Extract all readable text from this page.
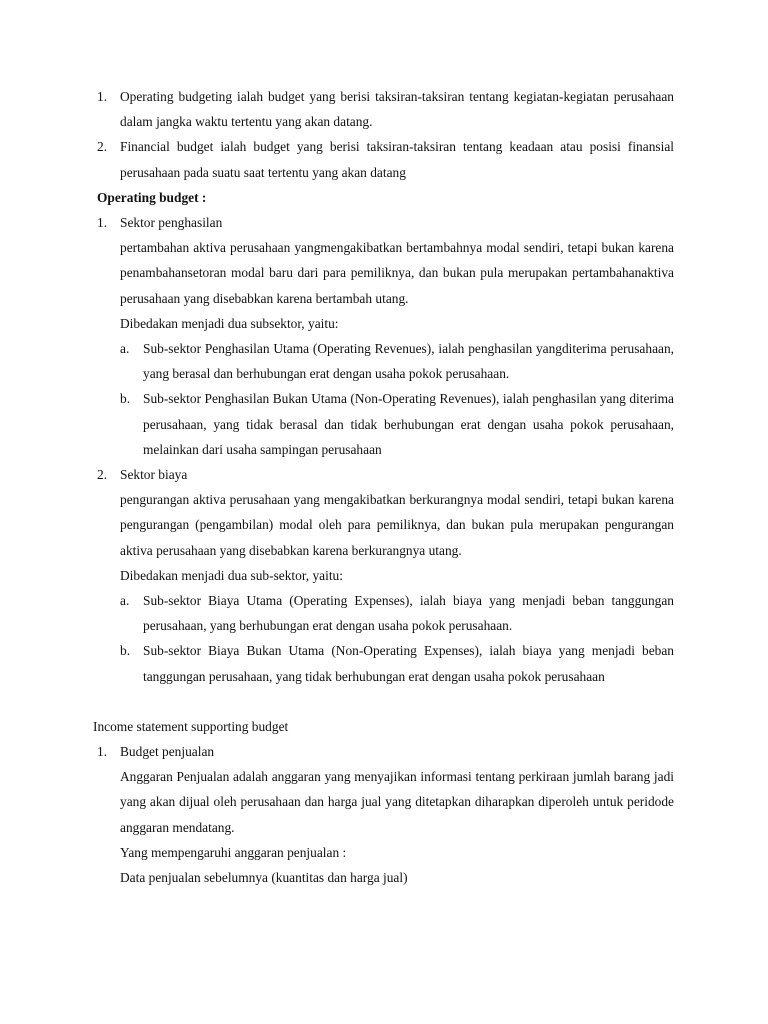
1. Operating budgeting ialah budget yang berisi taksiran-taksiran tentang kegiatan-kegiatan perusahaan dalam jangka waktu tertentu yang akan datang.

2. Financial budget ialah budget yang berisi taksiran-taksiran tentang keadaan atau posisi finansial perusahaan pada suatu saat tertentu yang akan datang

Operating budget :

1. Sektor penghasilan

pertambahan aktiva perusahaan yangmengakibatkan bertambahnya modal sendiri, tetapi bukan karena penambahansetoran modal baru dari para pemiliknya, dan bukan pula merupakan pertambahanaktiva perusahaan yang disebabkan karena bertambah utang.

Dibedakan menjadi dua subsektor, yaitu:

a. Sub-sektor Penghasilan Utama (Operating Revenues), ialah penghasilan yangditerima perusahaan, yang berasal dan berhubungan erat dengan usaha pokok perusahaan.

b. Sub-sektor Penghasilan Bukan Utama (Non-Operating Revenues), ialah penghasilan yang diterima perusahaan, yang tidak berasal dan tidak berhubungan erat dengan usaha pokok perusahaan, melainkan dari usaha sampingan perusahaan

2. Sektor biaya

pengurangan aktiva perusahaan yang mengakibatkan berkurangnya modal sendiri, tetapi bukan karena pengurangan (pengambilan) modal oleh para pemiliknya, dan bukan pula merupakan pengurangan aktiva perusahaan yang disebabkan karena berkurangnya utang.

Dibedakan menjadi dua sub-sektor, yaitu:

a. Sub-sektor Biaya Utama (Operating Expenses), ialah biaya yang menjadi beban tanggungan perusahaan, yang berhubungan erat dengan usaha pokok perusahaan.

b. Sub-sektor Biaya Bukan Utama (Non-Operating Expenses), ialah biaya yang menjadi beban tanggungan perusahaan, yang tidak berhubungan erat dengan usaha pokok perusahaan

Income statement supporting budget

1. Budget penjualan

Anggaran Penjualan adalah anggaran yang menyajikan informasi tentang perkiraan jumlah barang jadi yang akan dijual oleh perusahaan dan harga jual yang ditetapkan diharapkan diperoleh untuk peridode anggaran mendatang.

Yang mempengaruhi anggaran penjualan :

Data penjualan sebelumnya (kuantitas dan harga jual)
